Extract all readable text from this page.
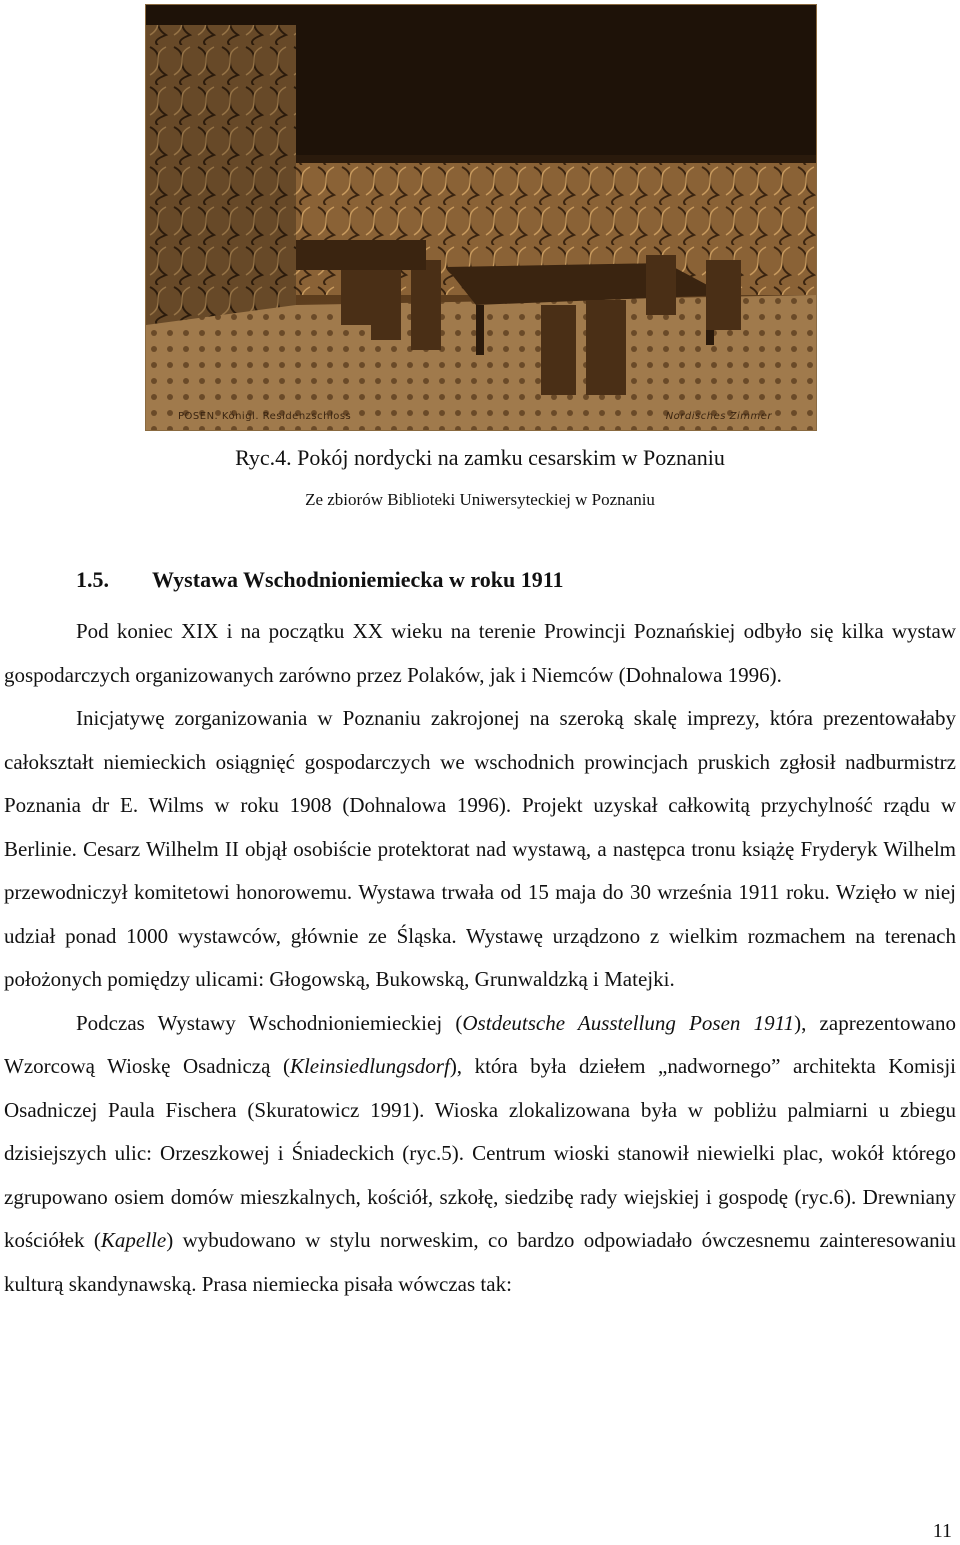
POSEN. Königl. Residenzschloss	Nordisches Zimmer
Ryc.4. Pokój nordycki na zamku cesarskim w Poznaniu
Ze zbiorów Biblioteki Uniwersyteckiej w Poznaniu
1.5. Wystawa Wschodnioniemiecka w roku 1911

Pod koniec XIX i na początku XX wieku na terenie Prowincji Poznańskiej odbyło się kilka wystaw gospodarczych organizowanych zarówno przez Polaków, jak i Niemców (Dohnalowa 1996).

Inicjatywę zorganizowania w Poznaniu zakrojonej na szeroką skalę imprezy, która prezentowałaby całokształt niemieckich osiągnięć gospodarczych we wschodnich prowincjach pruskich zgłosił nadburmistrz Poznania dr E. Wilms w roku 1908 (Dohnalowa 1996). Projekt uzyskał całkowitą przychylność rządu w Berlinie. Cesarz Wilhelm II objął osobiście protektorat nad wystawą, a następca tronu książę Fryderyk Wilhelm przewodniczył komitetowi honorowemu. Wystawa trwała od 15 maja do 30 września 1911 roku. Wzięło w niej udział ponad 1000 wystawców, głównie ze Śląska. Wystawę urządzono z wielkim rozmachem na terenach położonych pomiędzy ulicami: Głogowską, Bukowską, Grunwaldzką i Matejki.

Podczas Wystawy Wschodnioniemieckiej (Ostdeutsche Ausstellung Posen 1911), zaprezentowano Wzorcową Wioskę Osadniczą (Kleinsiedlungsdorf), która była dziełem „nadwornego” architekta Komisji Osadniczej Paula Fischera (Skuratowicz 1991). Wioska zlokalizowana była w pobliżu palmiarni u zbiegu dzisiejszych ulic: Orzeszkowej i Śniadeckich (ryc.5). Centrum wioski stanowił niewielki plac, wokół którego zgrupowano osiem domów mieszkalnych, kościół, szkołę, siedzibę rady wiejskiej i gospodę (ryc.6). Drewniany kościółek (Kapelle) wybudowano w stylu norweskim, co bardzo odpowiadało ówczesnemu zainteresowaniu kulturą skandynawską. Prasa niemiecka pisała wówczas tak:

11
